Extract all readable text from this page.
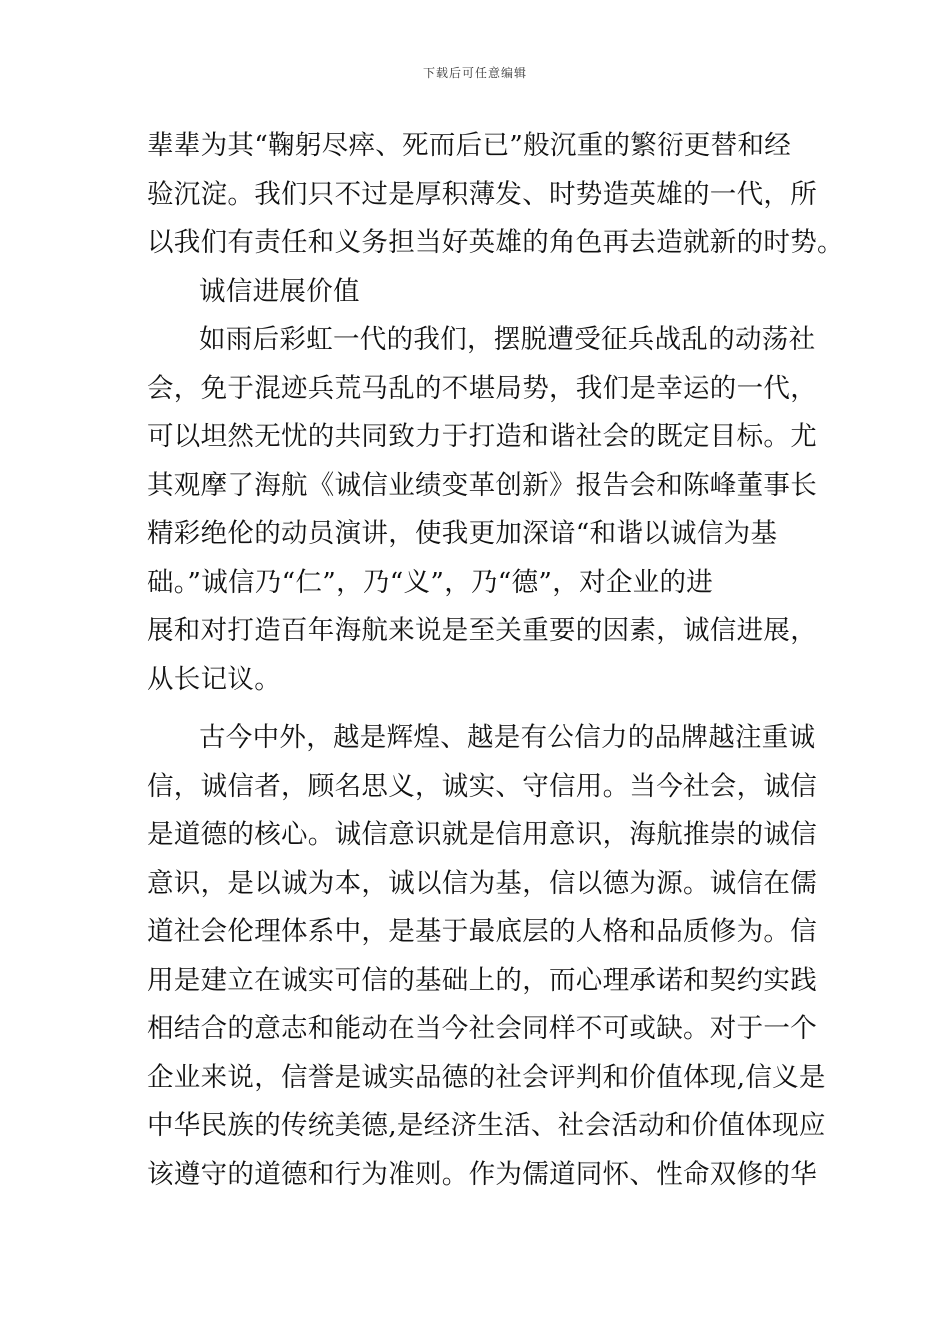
下载后可任意编辑
辈辈为其“鞠躬尽瘁、死而后已”般沉重的繁衍更替和经
验沉淀。我们只不过是厚积薄发、时势造英雄的一代，所
以我们有责任和义务担当好英雄的角色再去造就新的时势。
诚信进展价值
如雨后彩虹一代的我们，摆脱遭受征兵战乱的动荡社
会，免于混迹兵荒马乱的不堪局势，我们是幸运的一代，
可以坦然无忧的共同致力于打造和谐社会的既定目标。尤
其观摩了海航《诚信业绩变革创新》报告会和陈峰董事长
精彩绝伦的动员演讲，使我更加深谙“和谐以诚信为基
础。”诚信乃“仁”，乃“义”，乃“德”，对企业的进
展和对打造百年海航来说是至关重要的因素，诚信进展，
从长记议。
古今中外，越是辉煌、越是有公信力的品牌越注重诚
信，诚信者，顾名思义，诚实、守信用。当今社会，诚信
是道德的核心。诚信意识就是信用意识，海航推崇的诚信
意识，是以诚为本，诚以信为基，信以德为源。诚信在儒
道社会伦理体系中，是基于最底层的人格和品质修为。信
用是建立在诚实可信的基础上的，而心理承诺和契约实践
相结合的意志和能动在当今社会同样不可或缺。对于一个
企业来说，信誉是诚实品德的社会评判和价值体现,信义是
中华民族的传统美德,是经济生活、社会活动和价值体现应
该遵守的道德和行为准则。作为儒道同怀、性命双修的华
